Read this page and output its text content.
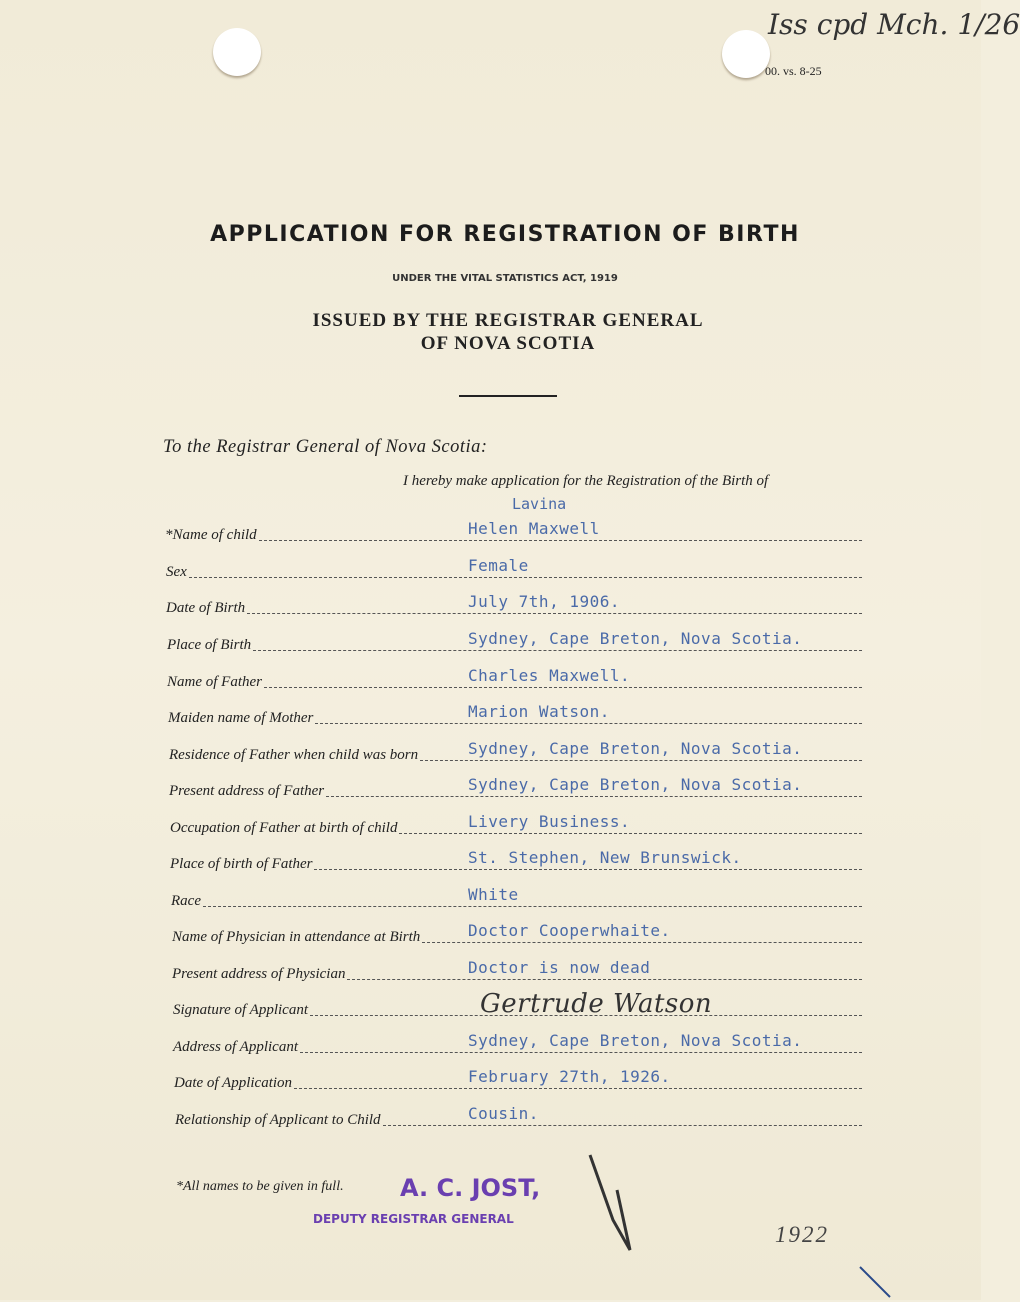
Iss cpd Mch. 1/26
00. vs. 8-25
APPLICATION FOR REGISTRATION OF BIRTH
UNDER THE VITAL STATISTICS ACT, 1919
ISSUED BY THE REGISTRAR GENERAL
OF NOVA SCOTIA
To the Registrar General of Nova Scotia:
I hereby make application for the Registration of the Birth of
Lavina
*Name of child	Helen Maxwell
Sex	Female
Date of Birth	July 7th, 1906.
Place of Birth	Sydney, Cape Breton, Nova Scotia.
Name of Father	Charles Maxwell.
Maiden name of Mother	Marion Watson.
Residence of Father when child was born	Sydney, Cape Breton, Nova Scotia.
Present address of Father	Sydney, Cape Breton, Nova Scotia.
Occupation of Father at birth of child	Livery Business.
Place of birth of Father	St. Stephen, New Brunswick.
Race	White
Name of Physician in attendance at Birth	Doctor Cooperwhaite.
Present address of Physician	Doctor is now dead
Signature of Applicant	Gertrude Watson
Address of Applicant	Sydney, Cape Breton, Nova Scotia.
Date of Application	February 27th, 1926.
Relationship of Applicant to Child	Cousin.
*All names to be given in full. A. C. JOST,
DEPUTY REGISTRAR GENERAL
1922
